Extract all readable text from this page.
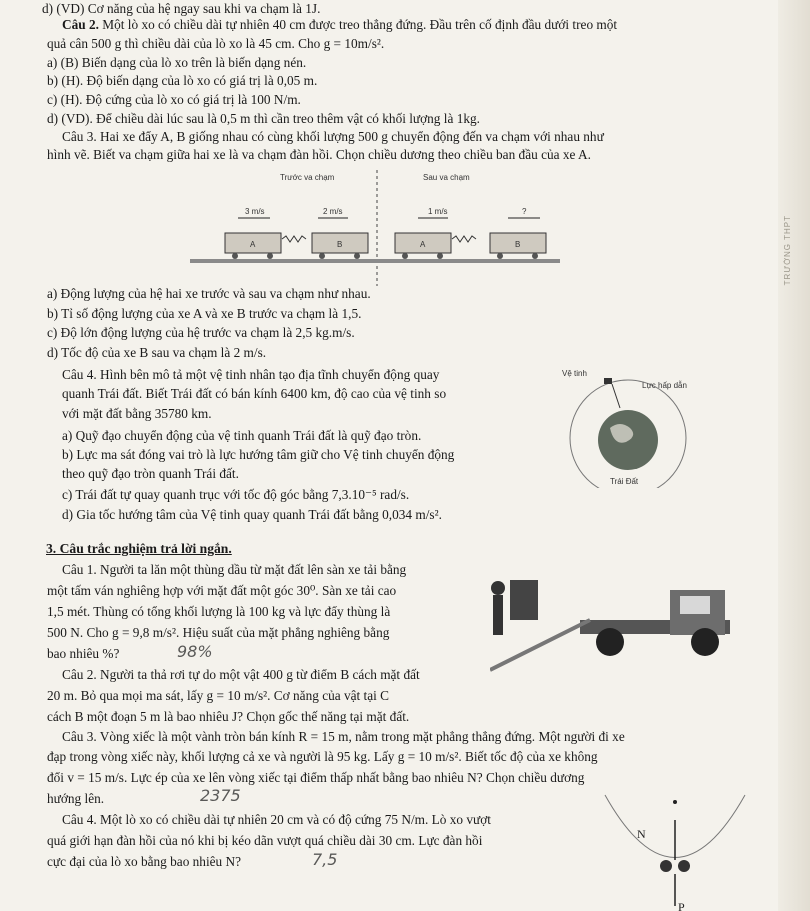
TRƯỜNG THPT
d) (VD) Cơ năng của hệ ngay sau khi va chạm là 1J.
Câu 2. Một lò xo có chiều dài tự nhiên 40 cm được treo thẳng đứng. Đầu trên cố định đầu dưới treo một
quả cân 500 g thì chiều dài của lò xo là 45 cm. Cho g = 10m/s².
a) (B) Biến dạng của lò xo trên là biến dạng nén.
b) (H). Độ biến dạng của lò xo có giá trị là 0,05 m.
c) (H). Độ cứng của lò xo có giá trị là 100 N/m.
d) (VD). Để chiều dài lúc sau là 0,5 m thì cần treo thêm vật có khối lượng là 1kg.
Câu 3. Hai xe đẩy A, B giống nhau có cùng khối lượng 500 g chuyển động đến va chạm với nhau như
hình vẽ. Biết va chạm giữa hai xe là va chạm đàn hồi. Chọn chiều dương theo chiều ban đầu của xe A.
Trước va chạm	Sau va chạm
3 m/s	2 m/s	1 m/s	?
A	B	A	B
a) Động lượng của hệ hai xe trước và sau va chạm như nhau.
b) Tỉ số động lượng của xe A và xe B trước va chạm là 1,5.
c) Độ lớn động lượng của hệ trước va chạm là 2,5 kg.m/s.
d) Tốc độ của xe B sau va chạm là 2 m/s.
Câu 4. Hình bên mô tả một vệ tinh nhân tạo địa tĩnh chuyển động quay
quanh Trái đất. Biết Trái đất có bán kính 6400 km, độ cao của vệ tinh so
với mặt đất bằng 35780 km.
a) Quỹ đạo chuyển động của vệ tinh quanh Trái đất là quỹ đạo tròn.
b) Lực ma sát đóng vai trò là lực hướng tâm giữ cho Vệ tinh chuyển động
theo quỹ đạo tròn quanh Trái đất.
c) Trái đất tự quay quanh trục với tốc độ góc bằng 7,3.10⁻⁵ rad/s.
d) Gia tốc hướng tâm của Vệ tinh quay quanh Trái đất bằng 0,034 m/s².
Vệ tinh
Lực hấp dẫn
Trái Đất
3. Câu trắc nghiệm trả lời ngắn.
Câu 1. Người ta lăn một thùng dầu từ mặt đất lên sàn xe tải bằng
một tấm ván nghiêng hợp với mặt đất một góc 30⁰. Sàn xe tải cao
1,5 mét. Thùng có tổng khối lượng là 100 kg và lực đẩy thùng là
500 N. Cho g = 9,8 m/s². Hiệu suất của mặt phẳng nghiêng bằng
bao nhiêu %?	98%
Câu 2. Người ta thả rơi tự do một vật 400 g từ điểm B cách mặt đất
20 m. Bỏ qua mọi ma sát, lấy g = 10 m/s². Cơ năng của vật tại C
cách B một đoạn 5 m là bao nhiêu J? Chọn gốc thế năng tại mặt đất.
Câu 3. Vòng xiếc là một vành tròn bán kính R = 15 m, nằm trong mặt phẳng thẳng đứng. Một người đi xe
đạp trong vòng xiếc này, khối lượng cả xe và người là 95 kg. Lấy g = 10 m/s². Biết tốc độ của xe không
đổi v = 15 m/s. Lực ép của xe lên vòng xiếc tại điểm thấp nhất bằng bao nhiêu N? Chọn chiều dương
hướng lên.	2375
Câu 4. Một lò xo có chiều dài tự nhiên 20 cm và có độ cứng 75 N/m. Lò xo vượt
quá giới hạn đàn hồi của nó khi bị kéo dãn vượt quá chiều dài 30 cm. Lực đàn hồi
cực đại của lò xo bằng bao nhiêu N?	7,5
N
P
